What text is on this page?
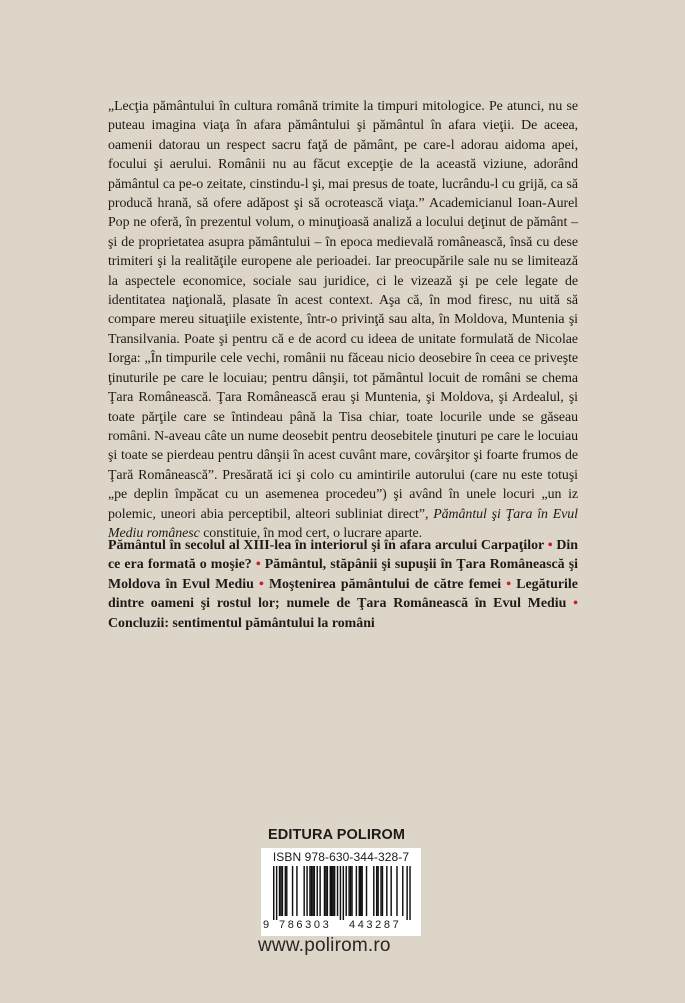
„Lecţia pământului în cultura română trimite la timpuri mitologice. Pe atunci, nu se puteau imagina viaţa în afara pământului şi pământul în afara vieţii. De aceea, oamenii datorau un respect sacru faţă de pământ, pe care-l adorau aidoma apei, focului şi aerului. Românii nu au făcut excepţie de la această viziune, adorând pământul ca pe-o zeitate, cinstindu-l şi, mai presus de toate, lucrându-l cu grijă, ca să producă hrană, să ofere adăpost şi să ocrotească viaţa.” Academicianul Ioan-Aurel Pop ne oferă, în prezentul volum, o minuţioasă analiză a locului deţinut de pământ – şi de proprietatea asupra pământului – în epoca medievală românească, însă cu dese trimiteri şi la realităţile europene ale perioadei. Iar preocupările sale nu se limitează la aspectele economice, sociale sau juridice, ci le vizează şi pe cele legate de identitatea naţională, plasate în acest context. Aşa că, în mod firesc, nu uită să compare mereu situaţiile existente, într-o privinţă sau alta, în Moldova, Muntenia şi Transilvania. Poate şi pentru că e de acord cu ideea de unitate formulată de Nicolae Iorga: „În timpurile cele vechi, românii nu făceau nicio deosebire în ceea ce priveşte ţinuturile pe care le locuiau; pentru dânşii, tot pământul locuit de români se chema Ţara Românească. Ţara Românească erau şi Muntenia, şi Moldova, şi Ardealul, şi toate părţile care se întindeau până la Tisa chiar, toate locurile unde se găseau români. N-aveau câte un nume deosebit pentru deosebitele ţinuturi pe care le locuiau şi toate se pierdeau pentru dânşii în acest cuvânt mare, covârşitor şi foarte frumos de Ţară Românească”. Presărată ici şi colo cu amintirile autorului (care nu este totuşi „pe deplin împăcat cu un asemenea procedeu”) şi având în unele locuri „un iz polemic, uneori abia perceptibil, alteori subliniat direct”, Pământul şi Ţara în Evul Mediu românesc constituie, în mod cert, o lucrare aparte.

Pământul în secolul al XIII-lea în interiorul şi în afara arcului Carpaţilor • Din ce era formată o moşie? • Pământul, stăpânii şi supuşii în Ţara Românească şi Moldova în Evul Mediu • Moştenirea pământului de către femei • Legăturile dintre oameni şi rostul lor; numele de Ţara Românească în Evul Mediu • Concluzii: sentimentul pământului la români
EDITURA POLIROM
ISBN 978-630-344-328-7
9 786303 443287
www.polirom.ro
